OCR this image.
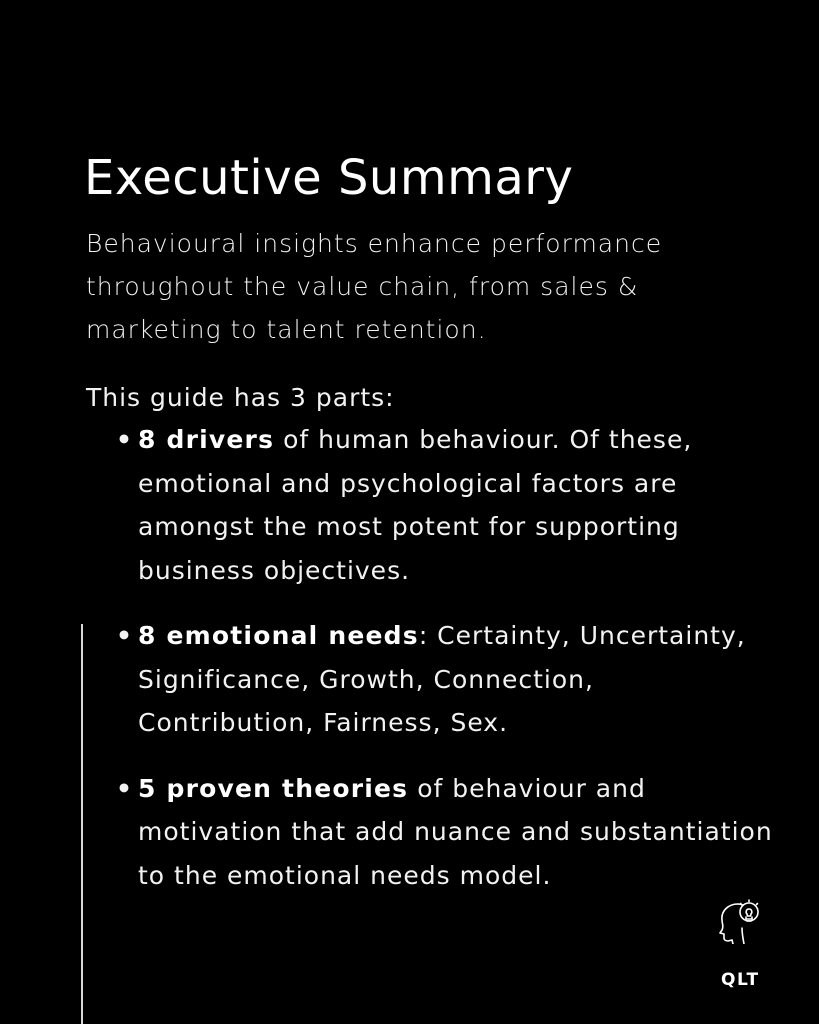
Executive Summary

Behavioural insights enhance performance throughout the value chain, from sales & marketing to talent retention.

This guide has 3 parts:

• 8 drivers of human behaviour. Of these, emotional and psychological factors are amongst the most potent for supporting business objectives.
• 8 emotional needs: Certainty, Uncertainty, Significance, Growth, Connection, Contribution, Fairness, Sex.
• 5 proven theories of behaviour and motivation that add nuance and substantiation to the emotional needs model.
QLT
